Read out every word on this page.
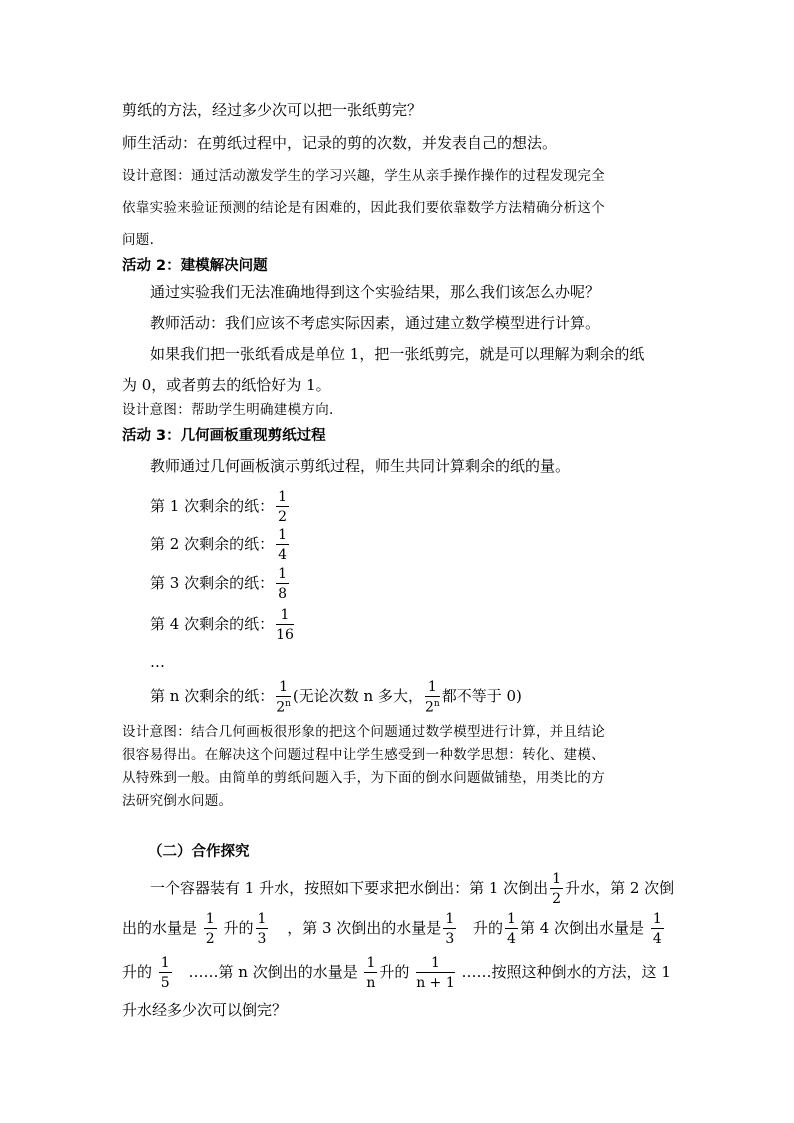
剪纸的方法，经过多少次可以把一张纸剪完？
师生活动：在剪纸过程中，记录的剪的次数，并发表自己的想法。
设计意图：通过活动激发学生的学习兴趣，学生从亲手操作操作的过程发现完全
依靠实验来验证预测的结论是有困难的，因此我们要依靠数学方法精确分析这个
问题.
活动 2：建模解决问题
通过实验我们无法准确地得到这个实验结果，那么我们该怎么办呢？
教师活动：我们应该不考虑实际因素，通过建立数学模型进行计算。
如果我们把一张纸看成是单位 1，把一张纸剪完，就是可以理解为剩余的纸
为 0，或者剪去的纸恰好为 1。
设计意图：帮助学生明确建模方向.
活动 3：几何画板重现剪纸过程
教师通过几何画板演示剪纸过程，师生共同计算剩余的纸的量。
第 1 次剩余的纸： $\frac{1}{2}$
第 2 次剩余的纸： $\frac{1}{4}$
第 3 次剩余的纸： $\frac{1}{8}$
第 4 次剩余的纸： $\frac{1}{16}$
…
第 n 次剩余的纸： $\frac{1}{2^n}$ (无论次数 n 多大， $\frac{1}{2^n}$ 都不等于 0)
设计意图：结合几何画板很形象的把这个问题通过数学模型进行计算，并且结论
很容易得出。在解决这个问题过程中让学生感受到一种数学思想：转化、建模、
从特殊到一般。由简单的剪纸问题入手，为下面的倒水问题做铺垫，用类比的方
法研究倒水问题。
（二）合作探究
一个容器装有 1 升水，按照如下要求把水倒出：第 1 次倒出 $\frac{1}{2}$ 升水，第 2 次倒
出的水量是 $\frac{1}{2}$ 升的 $\frac{1}{3}$ ，第 3 次倒出的水量是 $\frac{1}{3}$ 升的 $\frac{1}{4}$ 第 4 次倒出水量是 $\frac{1}{4}$
升的 $\frac{1}{5}$ ……第 n 次倒出的水量是 $\frac{1}{n}$ 升的 $\frac{1}{n + 1}$ ……按照这种倒水的方法，这 1
升水经多少次可以倒完？
